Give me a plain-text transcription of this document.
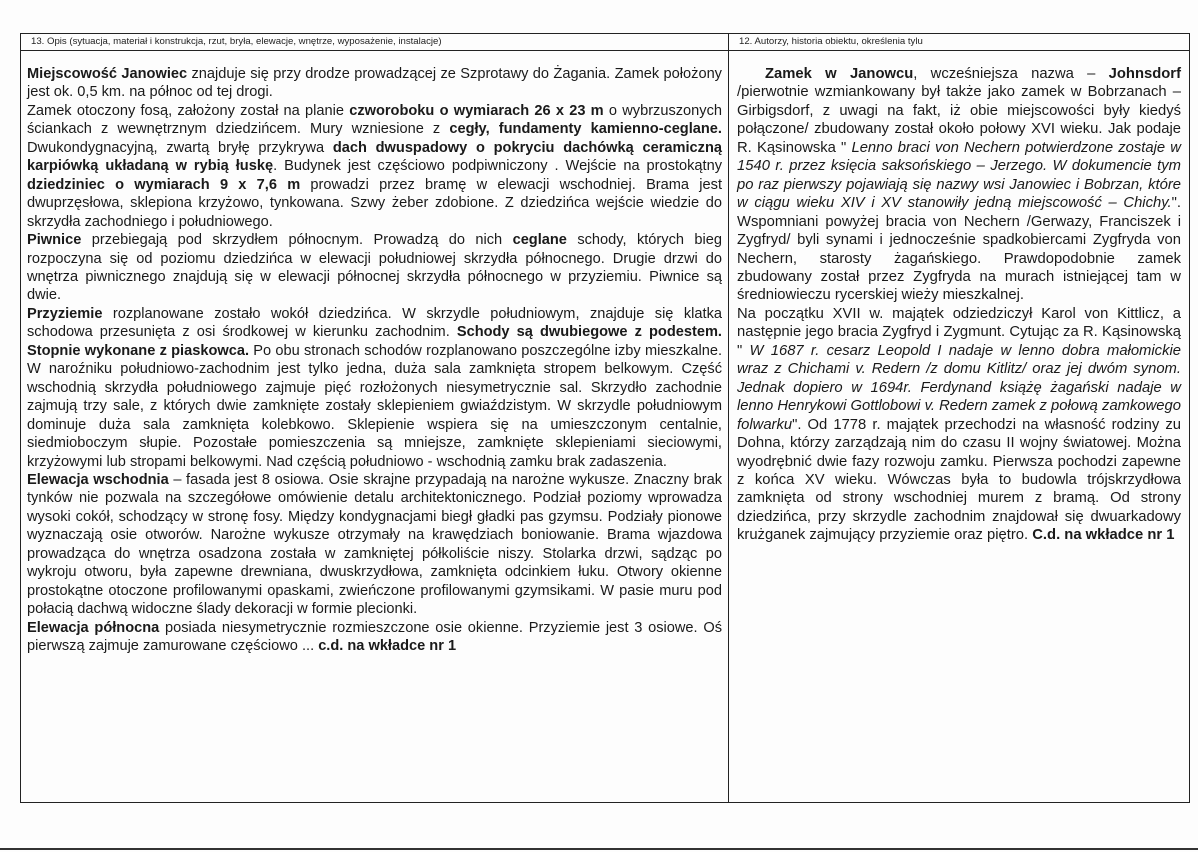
13. Opis (sytuacja, materiał i konstrukcja, rzut, bryła, elewacje, wnętrze, wyposażenie, instalacje)

Miejscowość Janowiec znajduje się przy drodze prowadzącej ze Szprotawy do Żagania. Zamek położony jest ok. 0,5 km. na północ od tej drogi.

Zamek otoczony fosą, założony został na planie czworoboku o wymiarach 26 x 23 m o wybrzuszonych ściankach z wewnętrznym dziedzińcem. Mury wzniesione z cegły, fundamenty kamienno-ceglane. Dwukondygnacyjną, zwartą bryłę przykrywa dach dwuspadowy o pokryciu dachówką ceramiczną karpiówką układaną w rybią łuskę. Budynek jest częściowo podpiwniczony . Wejście na prostokątny dziedziniec o wymiarach 9 x 7,6 m prowadzi przez bramę w elewacji wschodniej. Brama jest dwuprzęsłowa, sklepiona krzyżowo, tynkowana. Szwy żeber zdobione. Z dziedzińca wejście wiedzie do skrzydła zachodniego i południowego.

Piwnice przebiegają pod skrzydłem północnym. Prowadzą do nich ceglane schody, których bieg rozpoczyna się od poziomu dziedzińca w elewacji południowej skrzydła północnego. Drugie drzwi do wnętrza piwnicznego znajdują się w elewacji północnej skrzydła północnego w przyziemiu. Piwnice są dwie.

Przyziemie rozplanowane zostało wokół dziedzińca. W skrzydle południowym, znajduje się klatka schodowa przesunięta z osi środkowej w kierunku zachodnim. Schody są dwubiegowe z podestem. Stopnie wykonane z piaskowca. Po obu stronach schodów rozplanowano poszczególne izby mieszkalne. W naroźniku południowo-zachodnim jest tylko jedna, duża sala zamknięta stropem belkowym. Część wschodnią skrzydła południowego zajmuje pięć rozłożonych niesymetrycznie sal. Skrzydło zachodnie zajmują trzy sale, z których dwie zamknięte zostały sklepieniem gwiaździstym. W skrzydle południowym dominuje duża sala zamknięta kolebkowo. Sklepienie wspiera się na umieszczonym centalnie, siedmioboczym słupie. Pozostałe pomieszczenia są mniejsze, zamknięte sklepieniami sieciowymi, krzyżowymi lub stropami belkowymi. Nad częścią południowo - wschodnią zamku brak zadaszenia.

Elewacja wschodnia – fasada jest 8 osiowa. Osie skrajne przypadają na narożne wykusze. Znaczny brak tynków nie pozwala na szczegółowe omówienie detalu architektonicznego. Podział poziomy wprowadza wysoki cokół, schodzący w stronę fosy. Między kondygnacjami biegł gładki pas gzymsu. Podziały pionowe wyznaczają osie otworów. Narożne wykusze otrzymały na krawędziach boniowanie. Brama wjazdowa prowadząca do wnętrza osadzona została w zamkniętej półkoliście niszy. Stolarka drzwi, sądząc po wykroju otworu, była zapewne drewniana, dwuskrzydłowa, zamknięta odcinkiem łuku. Otwory okienne prostokątne otoczone profilowanymi opaskami, zwieńczone profilowanymi gzymsikami. W pasie muru pod połacią dachwą widoczne ślady dekoracji w formie plecionki.

Elewacja północna posiada niesymetrycznie rozmieszczone osie okienne. Przyziemie jest 3 osiowe. Oś pierwszą zajmuje zamurowane częściowo ... c.d. na wkładce nr 1

12. Autorzy, historia obiektu, określenia tylu

Zamek w Janowcu, wcześniejsza nazwa – Johnsdorf /pierwotnie wzmiankowany był także jako zamek w Bobrzanach – Girbigsdorf, z uwagi na fakt, iż obie miejscowości były kiedyś połączone/ zbudowany został około połowy XVI wieku. Jak podaje R. Kąsinowska " Lenno braci von Nechern potwierdzone zostaje w 1540 r. przez księcia saksońskiego – Jerzego. W dokumencie tym po raz pierwszy pojawiają się nazwy wsi Janowiec i Bobrzan, które w ciągu wieku XIV i XV stanowiły jedną miejscowość – Chichy.". Wspomniani powyżej bracia von Nechern /Gerwazy, Franciszek i Zygfryd/ byli synami i jednocześnie spadkobiercami Zygfryda von Nechern, starosty żagańskiego. Prawdopodobnie zamek zbudowany został przez Zygfryda na murach istniejącej tam w średniowieczu rycerskiej wieży mieszkalnej.

Na początku XVII w. majątek odziedziczył Karol von Kittlicz, a następnie jego bracia Zygfryd i Zygmunt. Cytując za R. Kąsinowską " W 1687 r. cesarz Leopold I nadaje w lenno dobra małomickie wraz z Chichami v. Redern /z domu Kitlitz/ oraz jej dwóm synom. Jednak dopiero w 1694r. Ferdynand książę żagański nadaje w lenno Henrykowi Gottlobowi v. Redern zamek z połową zamkowego folwarku". Od 1778 r. majątek przechodzi na własność rodziny zu Dohna, którzy zarządzają nim do czasu II wojny światowej. Można wyodrębnić dwie fazy rozwoju zamku. Pierwsza pochodzi zapewne z końca XV wieku. Wówczas była to budowla trójskrzydłowa zamknięta od strony wschodniej murem z bramą. Od strony dziedzińca, przy skrzydle zachodnim znajdował się dwuarkadowy krużganek zajmujący przyziemie oraz piętro. C.d. na wkładce nr 1
